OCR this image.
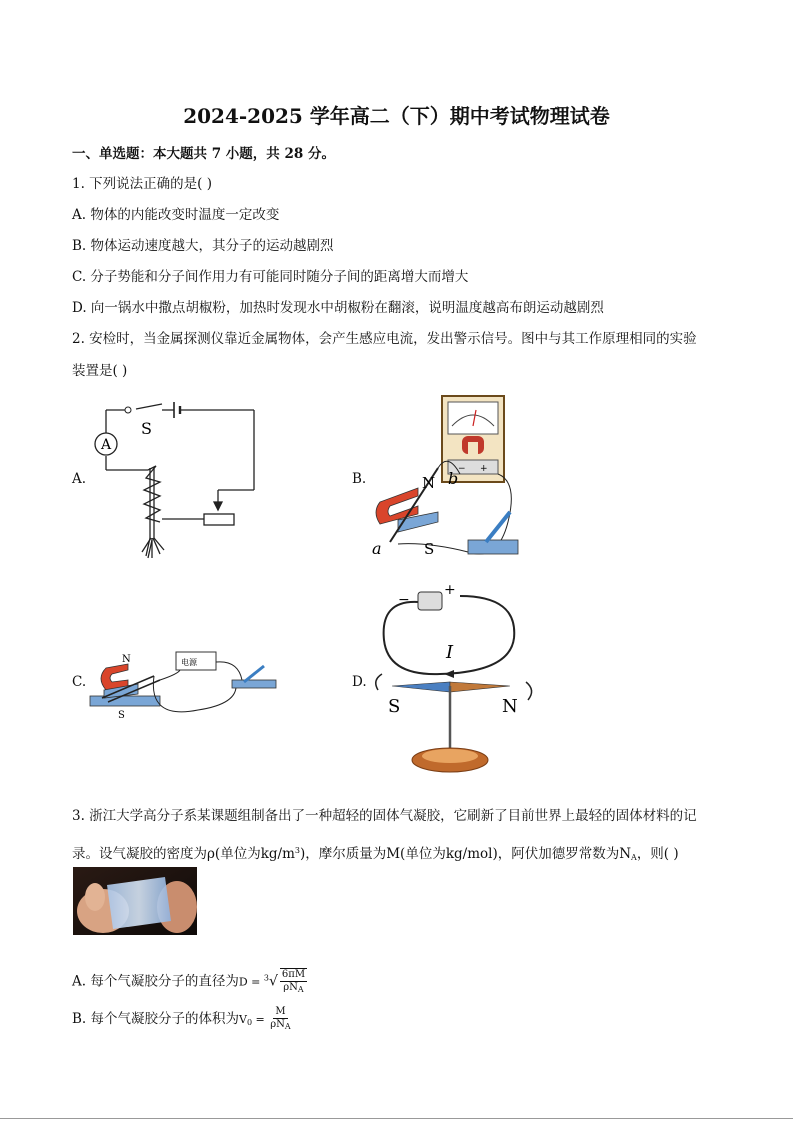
2024-2025 学年高二（下）期中考试物理试卷
一、单选题：本大题共 7 小题，共 28 分。
1. 下列说法正确的是( )
A. 物体的内能改变时温度一定改变
B. 物体运动速度越大，其分子的运动越剧烈
C. 分子势能和分子间作用力有可能同时随分子间的距离增大而增大
D. 向一锅水中撒点胡椒粉，加热时发现水中胡椒粉在翻滚，说明温度越高布朗运动越剧烈
2. 安检时，当金属探测仪靠近金属物体，会产生感应电流，发出警示信号。图中与其工作原理相同的实验
装置是( )
A.	B.
C.	D.
A
S
− +
N b
S
a
电源
N
S
−
+
I
S	N
3. 浙江大学高分子系某课题组制备出了一种超轻的固体气凝胶，它刷新了目前世界上最轻的固体材料的记
录。设气凝胶的密度为ρ(单位为$kg/m^3$)，摩尔质量为M(单位为kg/mol)，阿伏加德罗常数为$N_A$，则( )
A. 每个气凝胶分子的直径为$D = ^3√ \frac{6\pi M}{\rho N_A}$
B. 每个气凝胶分子的体积为$V_0 = \frac{M}{\rho N_A}$
